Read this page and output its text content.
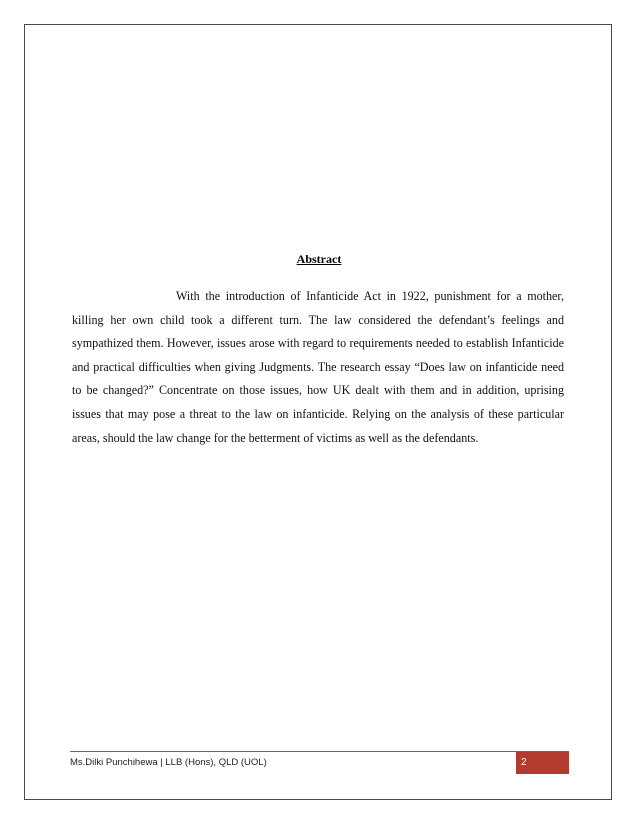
Abstract

With the introduction of Infanticide Act in 1922, punishment for a mother, killing her own child took a different turn. The law considered the defendant’s feelings and sympathized them. However, issues arose with regard to requirements needed to establish Infanticide and practical difficulties when giving Judgments. The research essay “Does law on infanticide need to be changed?” Concentrate on those issues, how UK dealt with them and in addition, uprising issues that may pose a threat to the law on infanticide. Relying on the analysis of these particular areas, should the law change for the betterment of victims as well as the defendants.

Ms.Dilki Punchihewa | LLB (Hons), QLD (UOL)	2
